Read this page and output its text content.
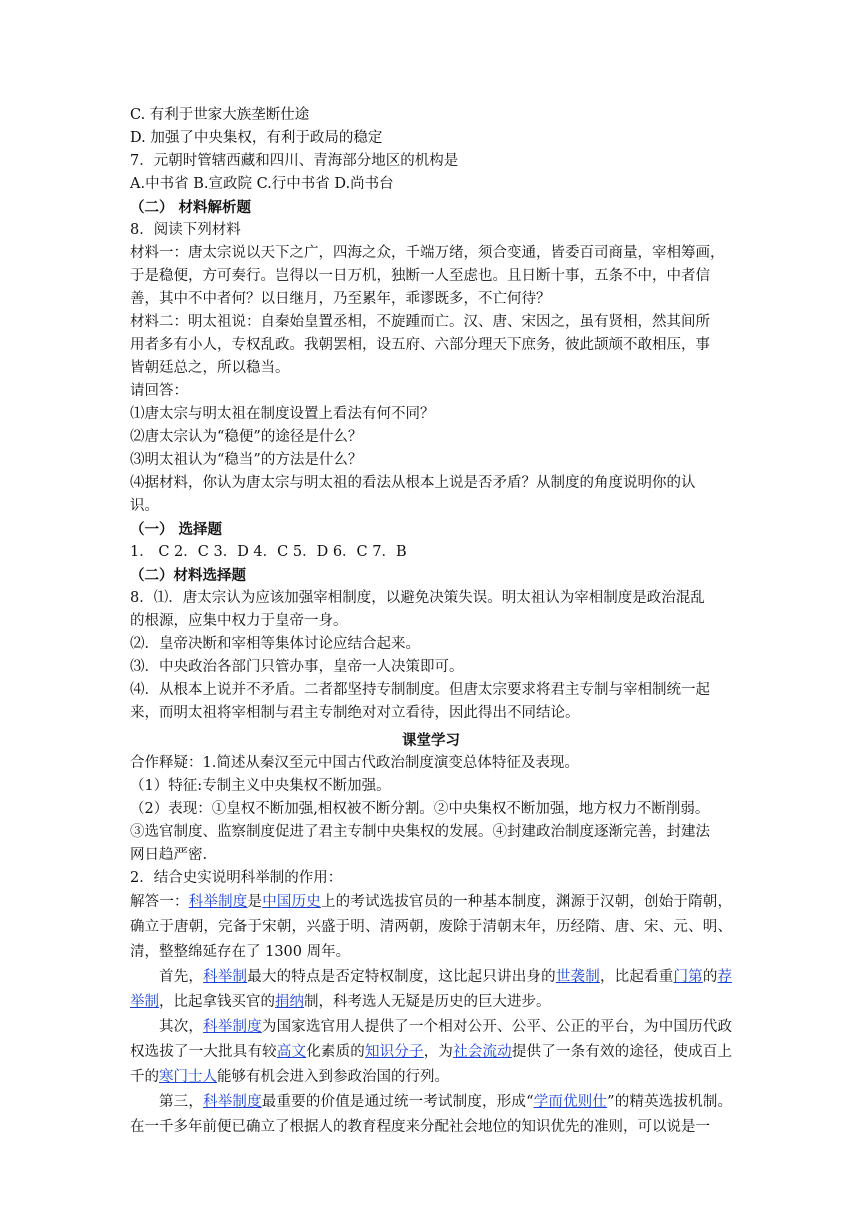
C. 有利于世家大族垄断仕途
D. 加强了中央集权，有利于政局的稳定
7．元朝时管辖西藏和四川、青海部分地区的机构是
A.中书省 B.宣政院 C.行中书省 D.尚书台
（二） 材料解析题
8．阅读下列材料
材料一：唐太宗说以天下之广，四海之众，千端万绪，须合变通，皆委百司商量，宰相筹画，
于是稳便，方可奏行。岂得以一日万机，独断一人至虑也。且日断十事，五条不中，中者信
善，其中不中者何？以日继月，乃至累年，乖谬既多，不亡何待？
材料二：明太祖说：自秦始皇置丞相，不旋踵而亡。汉、唐、宋因之，虽有贤相，然其间所
用者多有小人，专权乱政。我朝罢相，设五府、六部分理天下庶务，彼此颉颃不敢相压，事
皆朝廷总之，所以稳当。
请回答：
⑴唐太宗与明太祖在制度设置上看法有何不同？
⑵唐太宗认为“稳便”的途径是什么？
⑶明太祖认为“稳当”的方法是什么？
⑷据材料，你认为唐太宗与明太祖的看法从根本上说是否矛盾？从制度的角度说明你的认
识。
（一） 选择题
1． C 2．C 3．D 4．C 5．D 6．C 7．B
（二）材料选择题
8．⑴．唐太宗认为应该加强宰相制度，以避免决策失误。明太祖认为宰相制度是政治混乱
的根源，应集中权力于皇帝一身。
⑵．皇帝决断和宰相等集体讨论应结合起来。
⑶．中央政治各部门只管办事，皇帝一人决策即可。
⑷．从根本上说并不矛盾。二者都坚持专制制度。但唐太宗要求将君主专制与宰相制统一起
来，而明太祖将宰相制与君主专制绝对对立看待，因此得出不同结论。
课堂学习
合作释疑：1.简述从秦汉至元中国古代政治制度演变总体特征及表现。
（1）特征:专制主义中央集权不断加强。
（2）表现：①皇权不断加强,相权被不断分割。②中央集权不断加强，地方权力不断削弱。
③选官制度、监察制度促进了君主专制中央集权的发展。④封建政治制度逐渐完善，封建法
网日趋严密.
2．结合史实说明科举制的作用：
解答一：科举制度是中国历史上的考试选拔官员的一种基本制度，渊源于汉朝，创始于隋朝，确立于唐朝，完备于宋朝，兴盛于明、清两朝，废除于清朝末年，历经隋、唐、宋、元、明、清，整整绵延存在了 1300 周年。
首先，科举制最大的特点是否定特权制度，这比起只讲出身的世袭制，比起看重门第的荐举制，比起拿钱买官的捐纳制，科考选人无疑是历史的巨大进步。
其次，科举制度为国家选官用人提供了一个相对公开、公平、公正的平台，为中国历代政权选拔了一大批具有较高文化素质的知识分子，为社会流动提供了一条有效的途径，使成百上千的寒门士人能够有机会进入到参政治国的行列。
第三，科举制度最重要的价值是通过统一考试制度，形成“学而优则仕”的精英选拔机制。在一千多年前便已确立了根据人的教育程度来分配社会地位的知识优先的准则，可以说是一
